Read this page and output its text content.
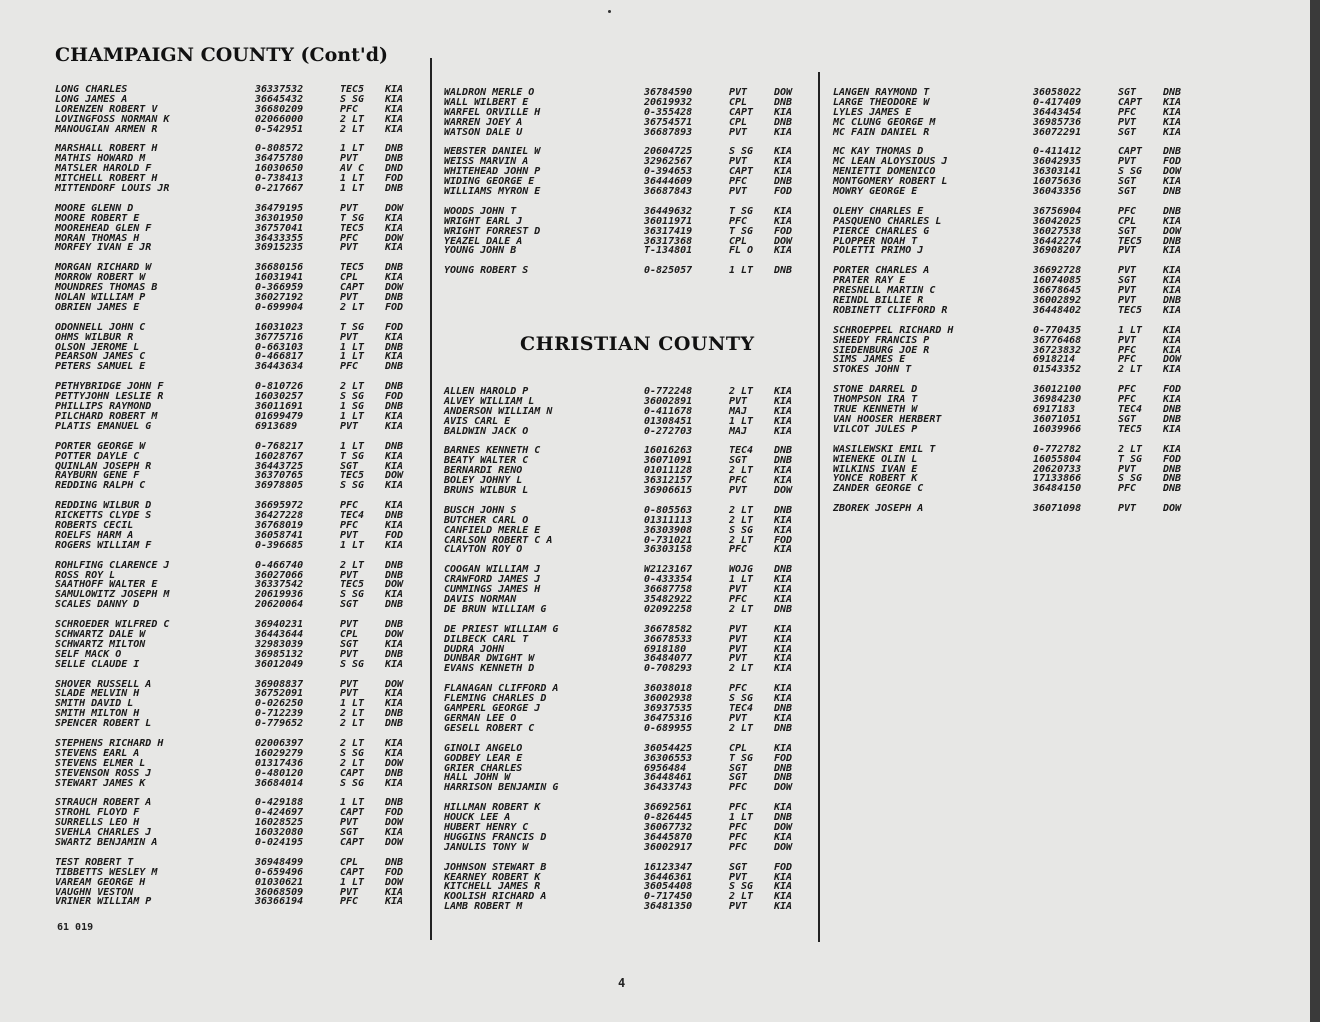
CHAMPAIGN COUNTY (Cont'd)
CHRISTIAN COUNTY
LONG CHARLES	36337532	TEC5 KIA
LONG JAMES A	36645432	S SG KIA
LORENZEN ROBERT V	36680209	PFC	KIA
LOVINGFOSS NORMAN K	02066000	2 LT KIA
MANOUGIAN ARMEN R	0-542951	2 LT KIA
MARSHALL ROBERT H	0-808572	1 LT DNB
MATHIS HOWARD M	36475780	PVT	DNB
MATSLER HAROLD F	16030650	AV C DND
MITCHELL ROBERT H	0-738413	1 LT FOD
MITTENDORF LOUIS JR	0-217667	1 LT DNB
MOORE GLENN D	36479195	PVT	DOW
MOORE ROBERT E	36301950	T SG KIA
MOOREHEAD GLEN F	36757041	TEC5 KIA
MORAN THOMAS H	36433355	PFC	DOW
MORFEY IVAN E JR	36915235	PVT	KIA
MORGAN RICHARD W	36680156	TEC5 DNB
MORROW ROBERT W	16031941	CPL	KIA
MOUNDRES THOMAS B	0-366959	CAPT DOW
NOLAN WILLIAM P	36027192	PVT	DNB
OBRIEN JAMES E	0-699904	2 LT FOD
ODONNELL JOHN C	16031023	T SG FOD
OHMS WILBUR R	36775716	PVT	KIA
OLSON JEROME L	0-663103	1 LT DNB
PEARSON JAMES C	0-466817	1 LT KIA
PETERS SAMUEL E	36443634	PFC	DNB
PETHYBRIDGE JOHN F	0-810726	2 LT DNB
PETTYJOHN LESLIE R	16030257	S SG FOD
PHILLIPS RAYMOND	36011691	1 SG DNB
PILCHARD ROBERT M	01699479	1 LT KIA
PLATIS EMANUEL G	6913689	PVT	KIA
PORTER GEORGE W	0-768217	1 LT DNB
POTTER DAYLE C	16028767	T SG KIA
QUINLAN JOSEPH R	36443725	SGT	KIA
RAYBURN GENE F	36370765	TEC5 DOW
REDDING RALPH C	36978805	S SG KIA
REDDING WILBUR D	36695972	PFC	KIA
RICKETTS CLYDE S	36427228	TEC4 DNB
ROBERTS CECIL	36768019	PFC	KIA
ROELFS HARM A	36058741	PVT	FOD
ROGERS WILLIAM F	0-396685	1 LT KIA
ROHLFING CLARENCE J	0-466740	2 LT DNB
ROSS ROY L	36027066	PVT	DNB
SAATHOFF WALTER E	36337542	TEC5 DOW
SAMULOWITZ JOSEPH M	20619936	S SG KIA
SCALES DANNY D	20620064	SGT	DNB
SCHROEDER WILFRED C	36940231	PVT	DNB
SCHWARTZ DALE W	36443644	CPL	DOW
SCHWARTZ MILTON	32983039	SGT	KIA
SELF MACK O	36985132	PVT	DNB
SELLE CLAUDE I	36012049	S SG KIA
SHOVER RUSSELL A	36908837	PVT	DOW
SLADE MELVIN H	36752091	PVT	KIA
SMITH DAVID L	0-026250	1 LT KIA
SMITH MILTON H	0-712239	2 LT DNB
SPENCER ROBERT L	0-779652	2 LT DNB
STEPHENS RICHARD H	02006397	2 LT KIA
STEVENS EARL A	16029279	S SG KIA
STEVENS ELMER L	01317436	2 LT DOW
STEVENSON ROSS J	0-480120	CAPT DNB
STEWART JAMES K	36684014	S SG KIA
STRAUCH ROBERT A	0-429188	1 LT DNB
STROHL FLOYD F	0-424697	CAPT FOD
SURRELLS LEO H	16028525	PVT	DOW
SVEHLA CHARLES J	16032080	SGT	KIA
SWARTZ BENJAMIN A	0-024195	CAPT DOW
TEST ROBERT T	36948499	CPL	DNB
TIBBETTS WESLEY M	0-659496	CAPT FOD
VAREAM GEORGE H	01030621	1 LT DOW
VAUGHN VESTON	36068509	PVT	KIA
VRINER WILLIAM P	36366194	PFC	KIA
WALDRON MERLE O	36784590	PVT	DOW
WALL WILBERT E	20619932	CPL	DNB
WARFEL ORVILLE H	0-355428	CAPT KIA
WARREN JOEY A	36754571	CPL	DNB
WATSON DALE U	36687893	PVT	KIA
WEBSTER DANIEL W	20604725	S SG KIA
WEISS MARVIN A	32962567	PVT	KIA
WHITEHEAD JOHN P	0-394653	CAPT KIA
WIDING GEORGE E	36444609	PFC	DNB
WILLIAMS MYRON E	36687843	PVT	FOD
WOODS JOHN T	36449632	T SG KIA
WRIGHT EARL J	36011971	PFC	KIA
WRIGHT FORREST D	36317419	T SG FOD
YEAZEL DALE A	36317368	CPL	DOW
YOUNG JOHN B	T-134801	FL O KIA
YOUNG ROBERT S	0-825057	1 LT DNB
ALLEN HAROLD P	0-772248	2 LT KIA
ALVEY WILLIAM L	36002891	PVT	KIA
ANDERSON WILLIAM N	0-411678	MAJ	KIA
AVIS CARL E	01308451	1 LT KIA
BALDWIN JACK O	0-272703	MAJ	KIA
BARNES KENNETH C	16016263	TEC4 DNB
BEATY WALTER C	36071091	SGT	DNB
BERNARDI RENO	01011128	2 LT KIA
BOLEY JOHNY L	36312157	PFC	KIA
BRUNS WILBUR L	36906615	PVT	DOW
BUSCH JOHN S	0-805563	2 LT DNB
BUTCHER CARL O	01311113	2 LT KIA
CANFIELD MERLE E	36303908	S SG KIA
CARLSON ROBERT C A	0-731021	2 LT FOD
CLAYTON ROY O	36303158	PFC	KIA
COOGAN WILLIAM J	W2123167	WOJG DNB
CRAWFORD JAMES J	0-433354	1 LT KIA
CUMMINGS JAMES H	36687758	PVT	KIA
DAVIS NORMAN	35482922	PFC	KIA
DE BRUN WILLIAM G	02092258	2 LT DNB
DE PRIEST WILLIAM G	36678582	PVT	KIA
DILBECK CARL T	36678533	PVT	KIA
DUDRA JOHN	6918180	PVT	KIA
DUNBAR DWIGHT W	36484077	PVT	KIA
EVANS KENNETH D	0-708293	2 LT KIA
FLANAGAN CLIFFORD A	36038018	PFC	KIA
FLEMING CHARLES D	36002938	S SG KIA
GAMPERL GEORGE J	36937535	TEC4 DNB
GERMAN LEE O	36475316	PVT	KIA
GESELL ROBERT C	0-689955	2 LT DNB
GINOLI ANGELO	36054425	CPL	KIA
GODBEY LEAR E	36306553	T SG FOD
GRIER CHARLES	6956484	SGT	DNB
HALL JOHN W	36448461	SGT	DNB
HARRISON BENJAMIN G	36433743	PFC	DOW
HILLMAN ROBERT K	36692561	PFC	KIA
HOUCK LEE A	0-826445	1 LT DNB
HUBERT HENRY C	36067732	PFC	DOW
HUGGINS FRANCIS D	36445870	PFC	KIA
JANULIS TONY W	36002917	PFC	DOW
JOHNSON STEWART B	16123347	SGT	FOD
KEARNEY ROBERT K	36446361	PVT	KIA
KITCHELL JAMES R	36054408	S SG KIA
KOOLISH RICHARD A	0-717450	2 LT KIA
LAMB ROBERT M	36481350	PVT	KIA
LANGEN RAYMOND T	36058022	SGT	DNB
LARGE THEODORE W	0-417409	CAPT KIA
LYLES JAMES E	36443454	PFC	KIA
MC CLUNG GEORGE M	36985736	PVT	KIA
MC FAIN DANIEL R	36072291	SGT	KIA
MC KAY THOMAS D	0-411412	CAPT DNB
MC LEAN ALOYSIOUS J	36042935	PVT	FOD
MENIETTI DOMENICO	36303141	S SG DOW
MONTGOMERY ROBERT L	16075636	SGT	KIA
MOWRY GEORGE E	36043356	SGT	DNB
OLEHY CHARLES E	36756904	PFC	DNB
PASQUENO CHARLES L	36042025	CPL	KIA
PIERCE CHARLES G	36027538	SGT	DOW
PLOPPER NOAH T	36442274	TEC5 DNB
POLETTI PRIMO J	36908207	PVT	KIA
PORTER CHARLES A	36692728	PVT	KIA
PRATER RAY E	16074085	SGT	KIA
PRESNELL MARTIN C	36678645	PVT	KIA
REINDL BILLIE R	36002892	PVT	DNB
ROBINETT CLIFFORD R	36448402	TEC5 KIA
SCHROEPPEL RICHARD H	0-770435	1 LT KIA
SHEEDY FRANCIS P	36776468	PVT	KIA
SIEDENBURG JOE R	36723832	PFC	KIA
SIMS JAMES E	6918214	PFC	DOW
STOKES JOHN T	01543352	2 LT KIA
STONE DARREL D	36012100	PFC	FOD
THOMPSON IRA T	36984230	PFC	KIA
TRUE KENNETH W	6917183	TEC4 DNB
VAN HOOSER HERBERT	36071051	SGT	DNB
VILCOT JULES P	16039966	TEC5 KIA
WASILEWSKI EMIL T	0-772782	2 LT KIA
WIENEKE OLIN L	16055804	T SG FOD
WILKINS IVAN E	20620733	PVT	DNB
YONCE ROBERT K	17133866	S SG DNB
ZANDER GEORGE C	36484150	PFC	DNB
ZBOREK JOSEPH A	36071098	PVT	DOW
61 019
4
